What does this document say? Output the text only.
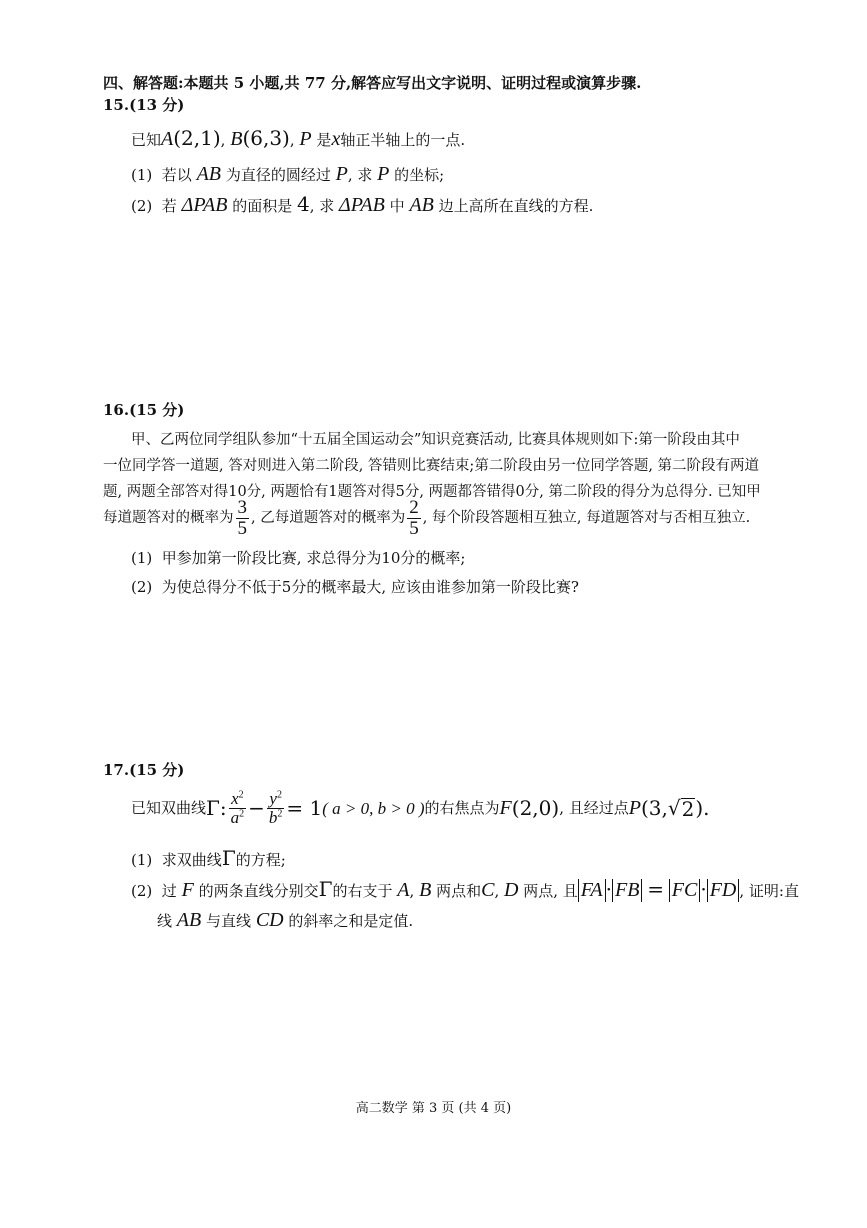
四、解答题:本题共 5 小题,共 77 分,解答应写出文字说明、证明过程或演算步骤.
15.(13 分)
已知A(2,1), B(6,3), P 是x轴正半轴上的一点.
(1) 若以 AB 为直径的圆经过 P, 求 P 的坐标;
(2) 若 ΔPAB 的面积是 4, 求 ΔPAB 中 AB 边上高所在直线的方程.
16.(15 分)
甲、乙两位同学组队参加“十五届全国运动会”知识竞赛活动, 比赛具体规则如下:第一阶段由其中
一位同学答一道题, 答对则进入第二阶段, 答错则比赛结束;第二阶段由另一位同学答题, 第二阶段有两道
题, 两题全部答对得10分, 两题恰有1题答对得5分, 两题都答错得0分, 第二阶段的得分为总得分. 已知甲
每道题答对的概率为 $\frac{3}{5}$ , 乙每道题答对的概率为 $\frac{2}{5}$ , 每个阶段答题相互独立, 每道题答对与否相互独立.
(1) 甲参加第一阶段比赛, 求总得分为10分的概率;
(2) 为使总得分不低于5分的概率最大, 应该由谁参加第一阶段比赛?
17.(15 分)
已知双曲线 Γ : $\frac{x^2}{a^2} - \frac{y^2}{b^2} = 1$ ( a > 0, b > 0 ) 的右焦点为 F (2,0) , 且经过点 P (3, √ 2 ).
(1) 求双曲线Γ的方程;
(2) 过 F 的两条直线分别交Γ的右支于 A, B 两点和C, D 两点, 且 FA · FB = FC · FD , 证明:直
线 AB 与直线 CD 的斜率之和是定值.
高二数学 第 3 页 (共 4 页)
